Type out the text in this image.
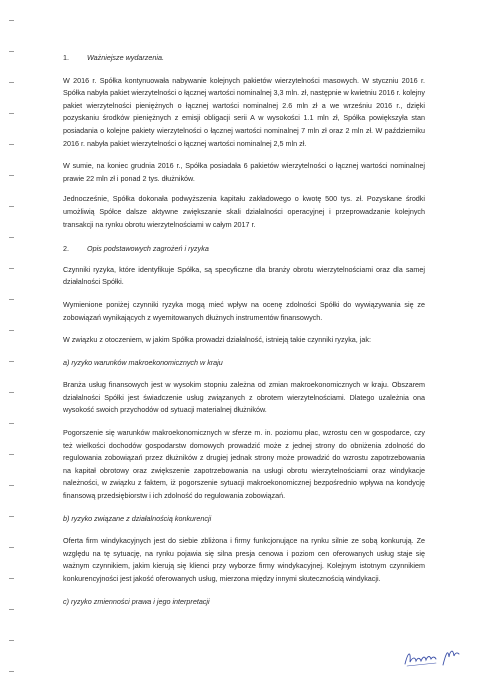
1.	Ważniejsze wydarzenia.

W 2016 r. Spółka kontynuowała nabywanie kolejnych pakietów wierzytelności masowych. W styczniu 2016 r. Spółka nabyła pakiet wierzytelności o łącznej wartości nominalnej 3,3 mln. zł, następnie w kwietniu 2016 r. kolejny pakiet wierzytelności pieniężnych o łącznej wartości nominalnej 2.6 mln zł a we wrześniu 2016 r., dzięki pozyskaniu środków pieniężnych z emisji obligacji serii A w wysokości 1.1 mln zł, Spółka powiększyła stan posiadania o kolejne pakiety wierzytelności o łącznej wartości nominalnej 7 mln zł oraz 2 mln zł. W październiku 2016 r. nabyła pakiet wierzytelności o łącznej wartości nominalnej 2,5 mln zł.

W sumie, na koniec grudnia 2016 r., Spółka posiadała 6 pakietów wierzytelności o łącznej wartości nominalnej prawie 22 mln zł i ponad 2 tys. dłużników.

Jednocześnie, Spółka dokonała podwyższenia kapitału zakładowego o kwotę 500 tys. zł. Pozyskane środki umożliwią Spółce dalsze aktywne zwiększanie skali działalności operacyjnej i przeprowadzanie kolejnych transakcji na rynku obrotu wierzytelnościami w całym 2017 r.

2.	Opis podstawowych zagrożeń i ryzyka

Czynniki ryzyka, które identyfikuje Spółka, są specyficzne dla branży obrotu wierzytelnościami oraz dla samej działalności Spółki.

Wymienione poniżej czynniki ryzyka mogą mieć wpływ na ocenę zdolności Spółki do wywiązywania się ze zobowiązań wynikających z wyemitowanych dłużnych instrumentów finansowych.

W związku z otoczeniem, w jakim Spółka prowadzi działalność, istnieją takie czynniki ryzyka, jak:

a) ryzyko warunków makroekonomicznych w kraju

Branża usług finansowych jest w wysokim stopniu zależna od zmian makroekonomicznych w kraju. Obszarem działalności Spółki jest świadczenie usług związanych z obrotem wierzytelnościami. Dlatego uzależnia ona wysokość swoich przychodów od sytuacji materialnej dłużników.

Pogorszenie się warunków makroekonomicznych w sferze m. in. poziomu płac, wzrostu cen w gospodarce, czy też wielkości dochodów gospodarstw domowych prowadzić może z jednej strony do obniżenia zdolność do regulowania zobowiązań przez dłużników z drugiej jednak strony może prowadzić do wzrostu zapotrzebowania na kapitał obrotowy oraz zwiększenie zapotrzebowania na usługi obrotu wierzytelnościami oraz windykacje należności, w związku z faktem, iż pogorszenie sytuacji makroekonomicznej bezpośrednio wpływa na kondycję finansową przedsiębiorstw i ich zdolność do regulowania zobowiązań.

b) ryzyko związane z działalnością konkurencji

Oferta firm windykacyjnych jest do siebie zbliżona i firmy funkcjonujące na rynku silnie ze sobą konkurują. Ze względu na tę sytuację, na rynku pojawia się silna presja cenowa i poziom cen oferowanych usług staje się ważnym czynnikiem, jakim kierują się klienci przy wyborze firmy windykacyjnej. Kolejnym istotnym czynnikiem konkurencyjności jest jakość oferowanych usług, mierzona między innymi skutecznością windykacji.

c) ryzyko zmienności prawa i jego interpretacji
